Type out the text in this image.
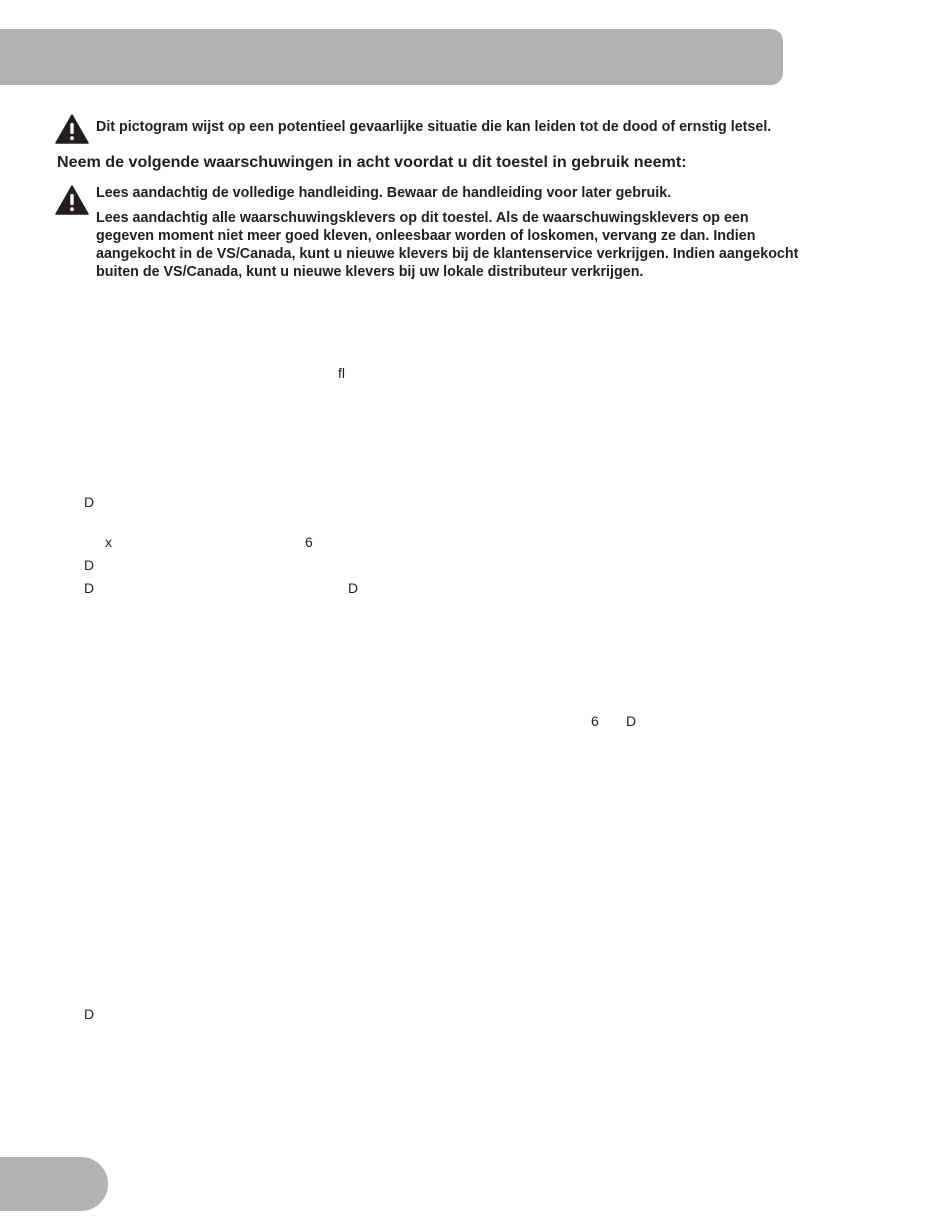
Dit pictogram wijst op een potentieel gevaarlijke situatie die kan leiden tot de dood of ernstig letsel.
Neem de volgende waarschuwingen in acht voordat u dit toestel in gebruik neemt:
Lees aandachtig de volledige handleiding. Bewaar de handleiding voor later gebruik.
Lees aandachtig alle waarschuwingsklevers op dit toestel. Als de waarschuwingsklevers op een
gegeven moment niet meer goed kleven, onleesbaar worden of loskomen, vervang ze dan. Indien
aangekocht in de VS/Canada, kunt u nieuwe klevers bij de klantenservice verkrijgen. Indien aangekocht
buiten de VS/Canada, kunt u nieuwe klevers bij uw lokale distributeur verkrijgen.
ﬂ
D
x	6
D
D	D
6 D
D
